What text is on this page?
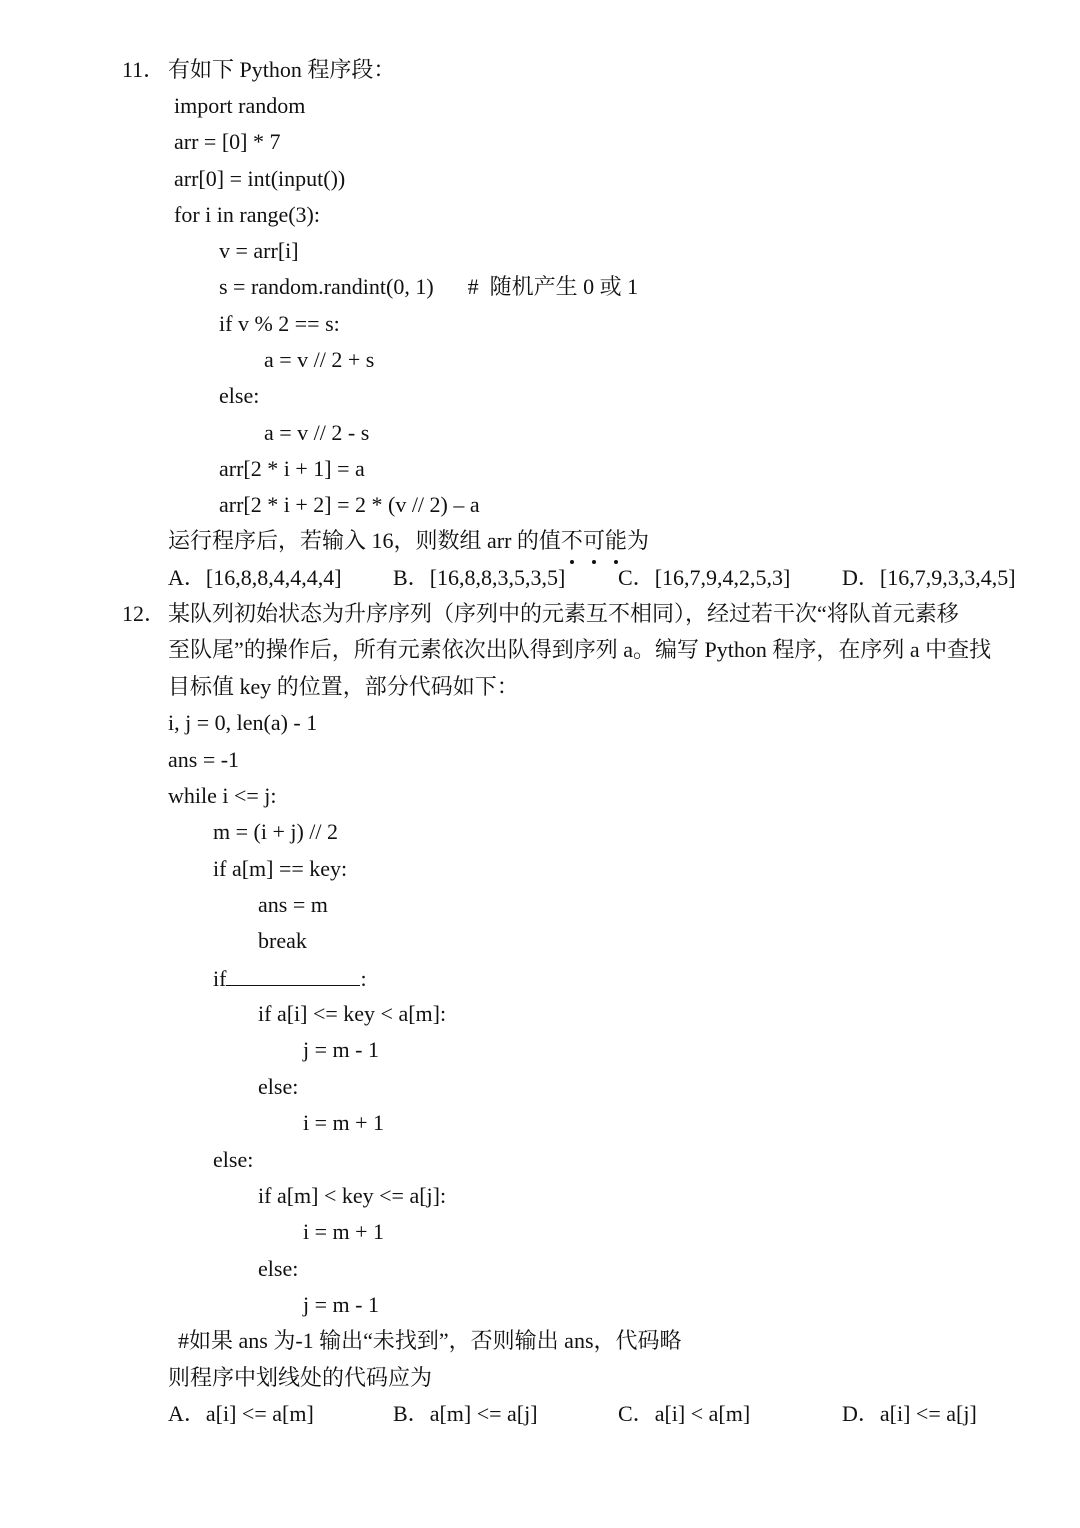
11． 有如下 Python 程序段：
import random
arr = [0] * 7
arr[0] = int(input())
for i in range(3):
v = arr[i]
s = random.randint(0, 1) #  随机产生 0 或 1
if v % 2 == s:
a = v // 2 + s
else:
a = v // 2 - s
arr[2 * i + 1] = a
arr[2 * i + 2] = 2 * (v // 2) – a
运行程序后，若输入 16，则数组 arr 的值不可能为
A．[16,8,8,4,4,4,4] B．[16,8,8,3,5,3,5] C．[16,7,9,4,2,5,3] D．[16,7,9,3,3,4,5]
12． 某队列初始状态为升序序列（序列中的元素互不相同），经过若干次“将队首元素移
至队尾”的操作后，所有元素依次出队得到序列 a。编写 Python 程序，在序列 a 中查找
目标值 key 的位置，部分代码如下：
i, j = 0, len(a) - 1
ans = -1
while i <= j:
m = (i + j) // 2
if a[m] == key:
ans = m
break
if	:
if a[i] <= key < a[m]:
j = m - 1
else:
i = m + 1
else:
if a[m] < key <= a[j]:
i = m + 1
else:
j = m - 1
#如果 ans 为-1 输出“未找到”，否则输出 ans，代码略
则程序中划线处的代码应为
A．a[i] <= a[m]	B．a[m] <= a[j]	C．a[i] < a[m]	D．a[i] <= a[j]
